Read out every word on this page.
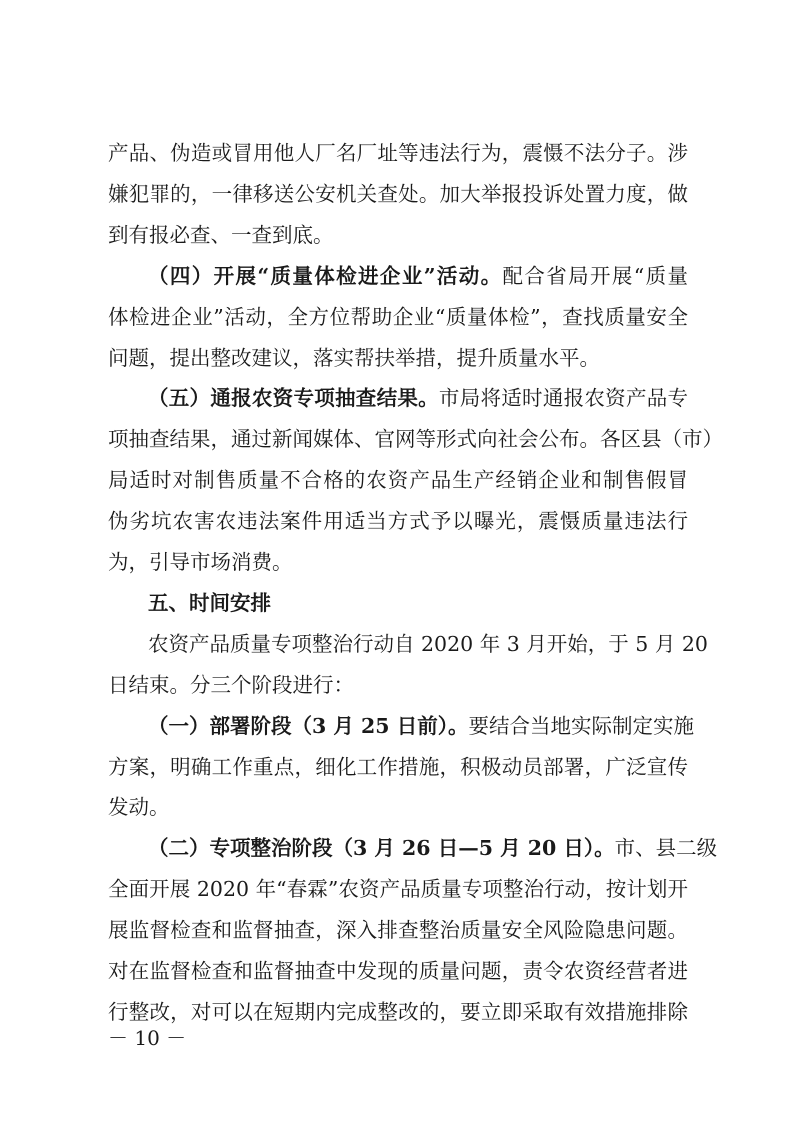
产品、伪造或冒用他人厂名厂址等违法行为，震慑不法分子。涉
嫌犯罪的，一律移送公安机关查处。加大举报投诉处置力度，做
到有报必查、一查到底。
（四）开展“质量体检进企业”活动。配合省局开展“质量
体检进企业”活动，全方位帮助企业“质量体检”，查找质量安全
问题，提出整改建议，落实帮扶举措，提升质量水平。
（五）通报农资专项抽查结果。市局将适时通报农资产品专
项抽查结果，通过新闻媒体、官网等形式向社会公布。各区县（市）
局适时对制售质量不合格的农资产品生产经销企业和制售假冒
伪劣坑农害农违法案件用适当方式予以曝光，震慑质量违法行
为，引导市场消费。
五、时间安排
农资产品质量专项整治行动自 2020 年 3 月开始，于 5 月 20
日结束。分三个阶段进行：
（一）部署阶段（3 月 25 日前）。要结合当地实际制定实施
方案，明确工作重点，细化工作措施，积极动员部署，广泛宣传
发动。
（二）专项整治阶段（3 月 26 日—5 月 20 日）。市、县二级
全面开展 2020 年“春霖”农资产品质量专项整治行动，按计划开
展监督检查和监督抽查，深入排查整治质量安全风险隐患问题。
对在监督检查和监督抽查中发现的质量问题，责令农资经营者进
行整改，对可以在短期内完成整改的，要立即采取有效措施排除
－ 10 －
